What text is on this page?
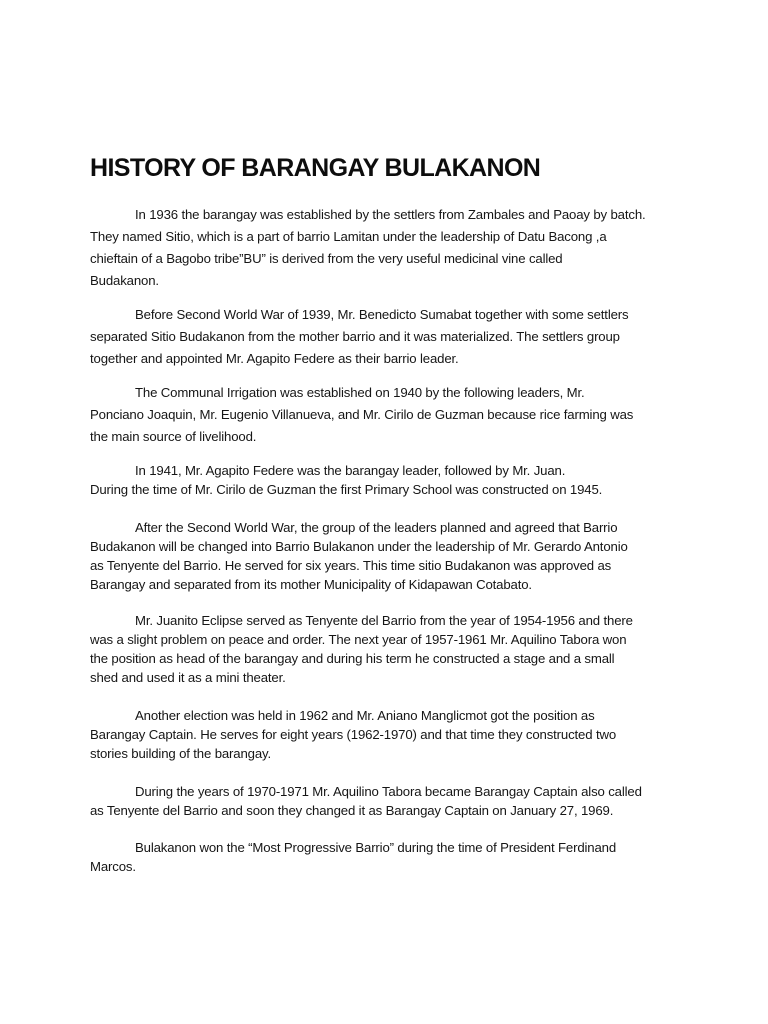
HISTORY OF BARANGAY BULAKANON

In 1936 the barangay was established by the settlers from Zambales and Paoay by batch.
They named Sitio, which is a part of barrio Lamitan under the leadership of Datu Bacong ,a
chieftain of a Bagobo tribe”BU” is derived from the very useful medicinal vine called
Budakanon.

Before Second World War of 1939, Mr. Benedicto Sumabat together with some settlers
separated Sitio Budakanon from the mother barrio and it was materialized. The settlers group
together and appointed Mr. Agapito Federe as their barrio leader.

The Communal Irrigation was established on 1940 by the following leaders, Mr.
Ponciano Joaquin, Mr. Eugenio Villanueva, and Mr. Cirilo de Guzman because rice farming was
the main source of livelihood.

In 1941, Mr. Agapito Federe was the barangay leader, followed by Mr. Juan.
During the time of Mr. Cirilo de Guzman the first Primary School was constructed on 1945.

After the Second World War, the group of the leaders planned and agreed that Barrio
Budakanon will be changed into Barrio Bulakanon under the leadership of Mr. Gerardo Antonio
as Tenyente del Barrio. He served for six years. This time sitio Budakanon was approved as
Barangay and separated from its mother Municipality of Kidapawan Cotabato.

Mr. Juanito Eclipse served as Tenyente del Barrio from the year of 1954-1956 and there
was a slight problem on peace and order. The next year of 1957-1961 Mr. Aquilino Tabora won
the position as head of the barangay and during his term he constructed a stage and a small
shed and used it as a mini theater.

Another election was held in 1962 and Mr. Aniano Manglicmot got the position as
Barangay Captain. He serves for eight years (1962-1970) and that time they constructed two
stories building of the barangay.

During the years of 1970-1971 Mr. Aquilino Tabora became Barangay Captain also called
as Tenyente del Barrio and soon they changed it as Barangay Captain on January 27, 1969.

Bulakanon won the “Most Progressive Barrio” during the time of President Ferdinand
Marcos.
